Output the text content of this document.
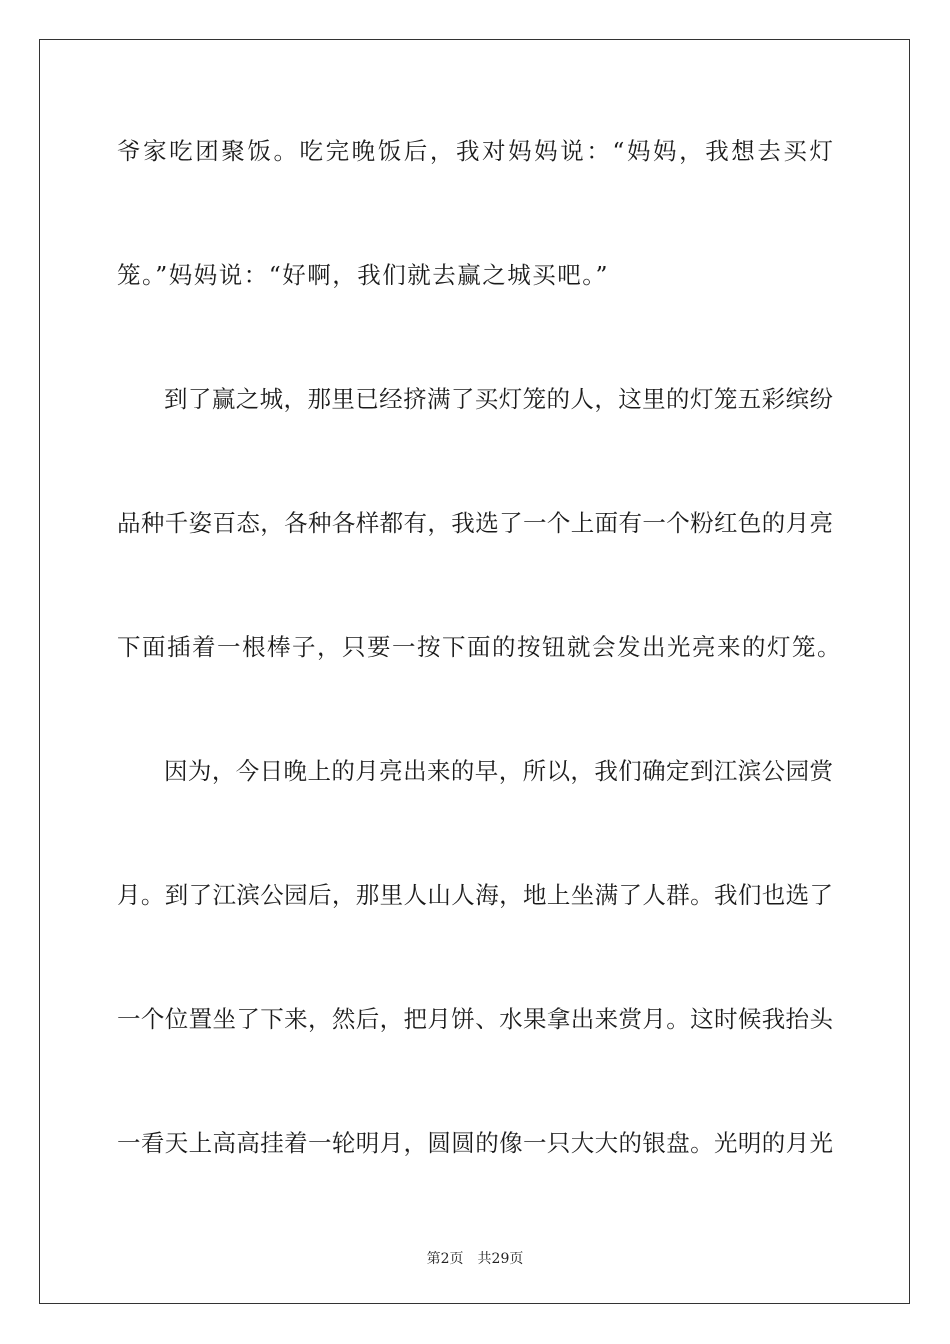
爷家吃团聚饭。吃完晚饭后，我对妈妈说：“妈妈，我想去买灯
笼。”妈妈说：“好啊，我们就去赢之城买吧。”
到了赢之城，那里已经挤满了买灯笼的人，这里的灯笼五彩缤纷
品种千姿百态，各种各样都有，我选了一个上面有一个粉红色的月亮
下面插着一根棒子，只要一按下面的按钮就会发出光亮来的灯笼。
因为，今日晚上的月亮出来的早，所以，我们确定到江滨公园赏
月。到了江滨公园后，那里人山人海，地上坐满了人群。我们也选了
一个位置坐了下来，然后，把月饼、水果拿出来赏月。这时候我抬头
一看天上高高挂着一轮明月，圆圆的像一只大大的银盘。光明的月光
第2页　共29页
